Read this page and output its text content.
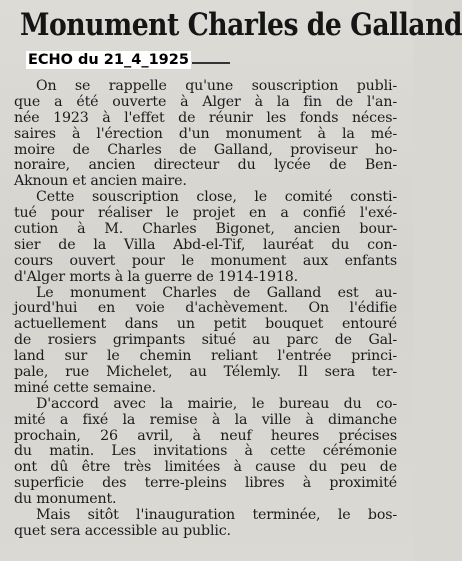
Monument Charles de Galland
ECHO du 21_4_1925
On se rappelle qu'une souscription publi-
que a été ouverte à Alger à la fin de l'an-
née 1923 à l'effet de réunir les fonds néces-
saires à l'érection d'un monument à la mé-
moire de Charles de Galland, proviseur ho-
noraire, ancien directeur du lycée de Ben-
Aknoun et ancien maire.
Cette souscription close, le comité consti-
tué pour réaliser le projet en a confié l'exé-
cution à M. Charles Bigonet, ancien bour-
sier de la Villa Abd-el-Tif, lauréat du con-
cours ouvert pour le monument aux enfants
d'Alger morts à la guerre de 1914-1918.
Le monument Charles de Galland est au-
jourd'hui en voie d'achèvement. On l'édifie
actuellement dans un petit bouquet entouré
de rosiers grimpants situé au parc de Gal-
land sur le chemin reliant l'entrée princi-
pale, rue Michelet, au Télemly. Il sera ter-
miné cette semaine.
D'accord avec la mairie, le bureau du co-
mité a fixé la remise à la ville à dimanche
prochain, 26 avril, à neuf heures précises
du matin. Les invitations à cette cérémonie
ont dû être très limitées à cause du peu de
superficie des terre-pleins libres à proximité
du monument.
Mais sitôt l'inauguration terminée, le bos-
quet sera accessible au public.
